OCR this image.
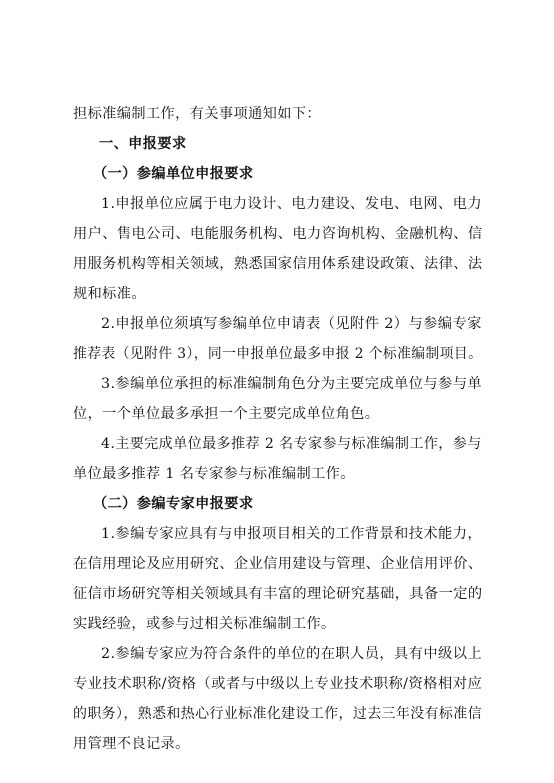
担标准编制工作，有关事项通知如下：
一、申报要求
（一）参编单位申报要求
1.申报单位应属于电力设计、电力建设、发电、电网、电力
用户、售电公司、电能服务机构、电力咨询机构、金融机构、信
用服务机构等相关领域，熟悉国家信用体系建设政策、法律、法
规和标准。
2.申报单位须填写参编单位申请表（见附件 2）与参编专家
推荐表（见附件 3），同一申报单位最多申报 2 个标准编制项目。
3.参编单位承担的标准编制角色分为主要完成单位与参与单
位，一个单位最多承担一个主要完成单位角色。
4.主要完成单位最多推荐 2 名专家参与标准编制工作，参与
单位最多推荐 1 名专家参与标准编制工作。
（二）参编专家申报要求
1.参编专家应具有与申报项目相关的工作背景和技术能力，
在信用理论及应用研究、企业信用建设与管理、企业信用评价、
征信市场研究等相关领域具有丰富的理论研究基础，具备一定的
实践经验，或参与过相关标准编制工作。
2.参编专家应为符合条件的单位的在职人员，具有中级以上
专业技术职称/资格（或者与中级以上专业技术职称/资格相对应
的职务），熟悉和热心行业标准化建设工作，过去三年没有标准信
用管理不良记录。
